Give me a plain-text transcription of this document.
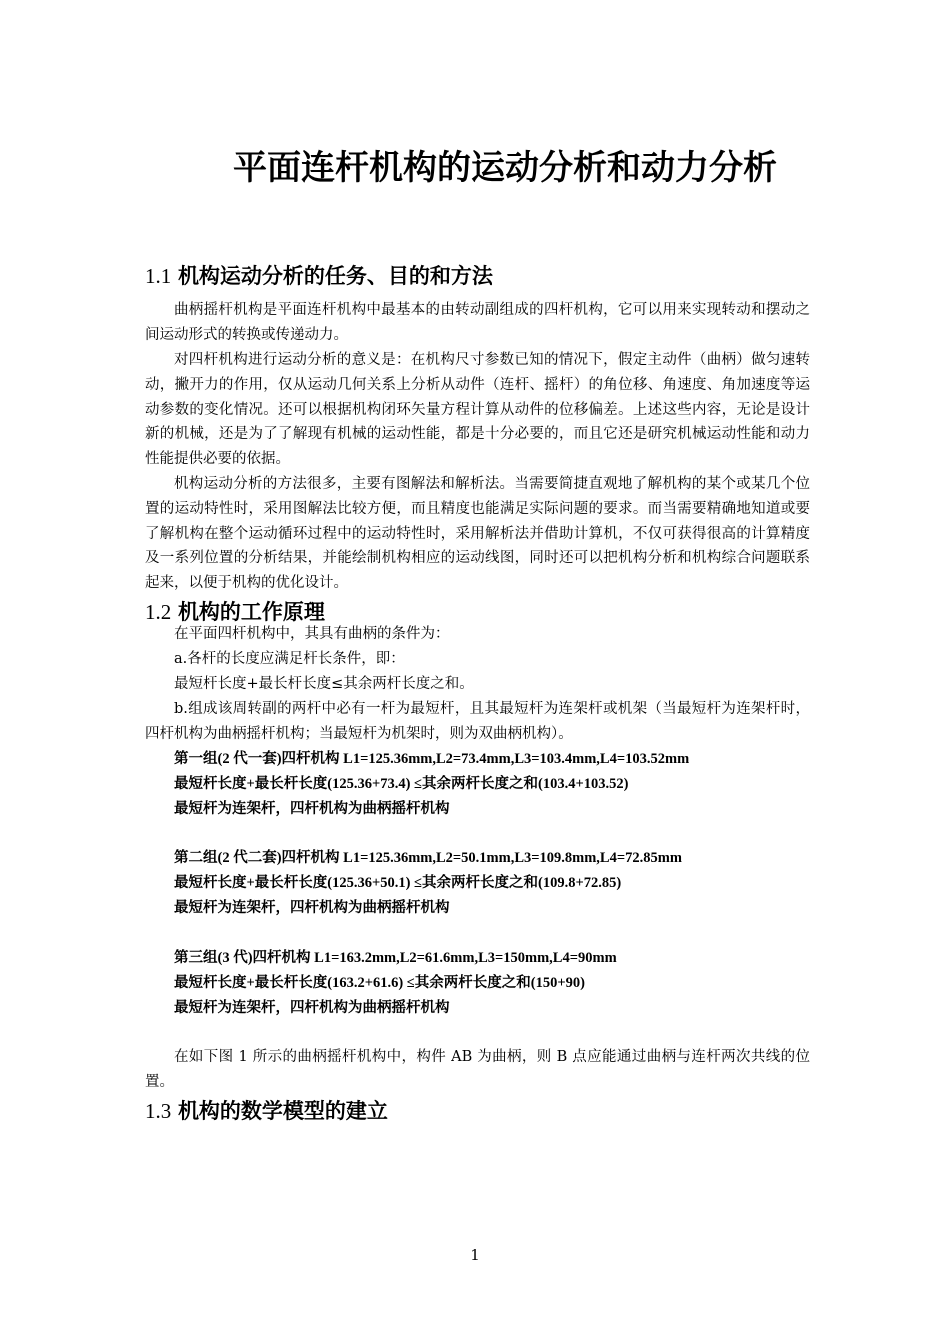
平面连杆机构的运动分析和动力分析
1.1 机构运动分析的任务、目的和方法

曲柄摇杆机构是平面连杆机构中最基本的由转动副组成的四杆机构，它可以用来实现转动和摆动之间运动形式的转换或传递动力。

对四杆机构进行运动分析的意义是：在机构尺寸参数已知的情况下，假定主动件（曲柄）做匀速转动，撇开力的作用，仅从运动几何关系上分析从动件（连杆、摇杆）的角位移、角速度、角加速度等运动参数的变化情况。还可以根据机构闭环矢量方程计算从动件的位移偏差。上述这些内容，无论是设计新的机械，还是为了了解现有机械的运动性能，都是十分必要的，而且它还是研究机械运动性能和动力性能提供必要的依据。

机构运动分析的方法很多，主要有图解法和解析法。当需要简捷直观地了解机构的某个或某几个位置的运动特性时，采用图解法比较方便，而且精度也能满足实际问题的要求。而当需要精确地知道或要了解机构在整个运动循环过程中的运动特性时，采用解析法并借助计算机，不仅可获得很高的计算精度及一系列位置的分析结果，并能绘制机构相应的运动线图，同时还可以把机构分析和机构综合问题联系起来，以便于机构的优化设计。

1.2 机构的工作原理
在平面四杆机构中，其具有曲柄的条件为：
a.各杆的长度应满足杆长条件，即：
最短杆长度+最长杆长度≤其余两杆长度之和。

b.组成该周转副的两杆中必有一杆为最短杆，且其最短杆为连架杆或机架（当最短杆为连架杆时，四杆机构为曲柄摇杆机构；当最短杆为机架时，则为双曲柄机构）。

第一组(2 代一套)四杆机构 L1=125.36mm,L2=73.4mm,L3=103.4mm,L4=103.52mm
最短杆长度+最长杆长度(125.36+73.4) ≤其余两杆长度之和(103.4+103.52)
最短杆为连架杆，四杆机构为曲柄摇杆机构
第二组(2 代二套)四杆机构 L1=125.36mm,L2=50.1mm,L3=109.8mm,L4=72.85mm
最短杆长度+最长杆长度(125.36+50.1) ≤其余两杆长度之和(109.8+72.85)
最短杆为连架杆，四杆机构为曲柄摇杆机构
第三组(3 代)四杆机构 L1=163.2mm,L2=61.6mm,L3=150mm,L4=90mm
最短杆长度+最长杆长度(163.2+61.6) ≤其余两杆长度之和(150+90)
最短杆为连架杆，四杆机构为曲柄摇杆机构

在如下图 1 所示的曲柄摇杆机构中，构件 AB 为曲柄，则 B 点应能通过曲柄与连杆两次共线的位置。

1.3 机构的数学模型的建立
1
